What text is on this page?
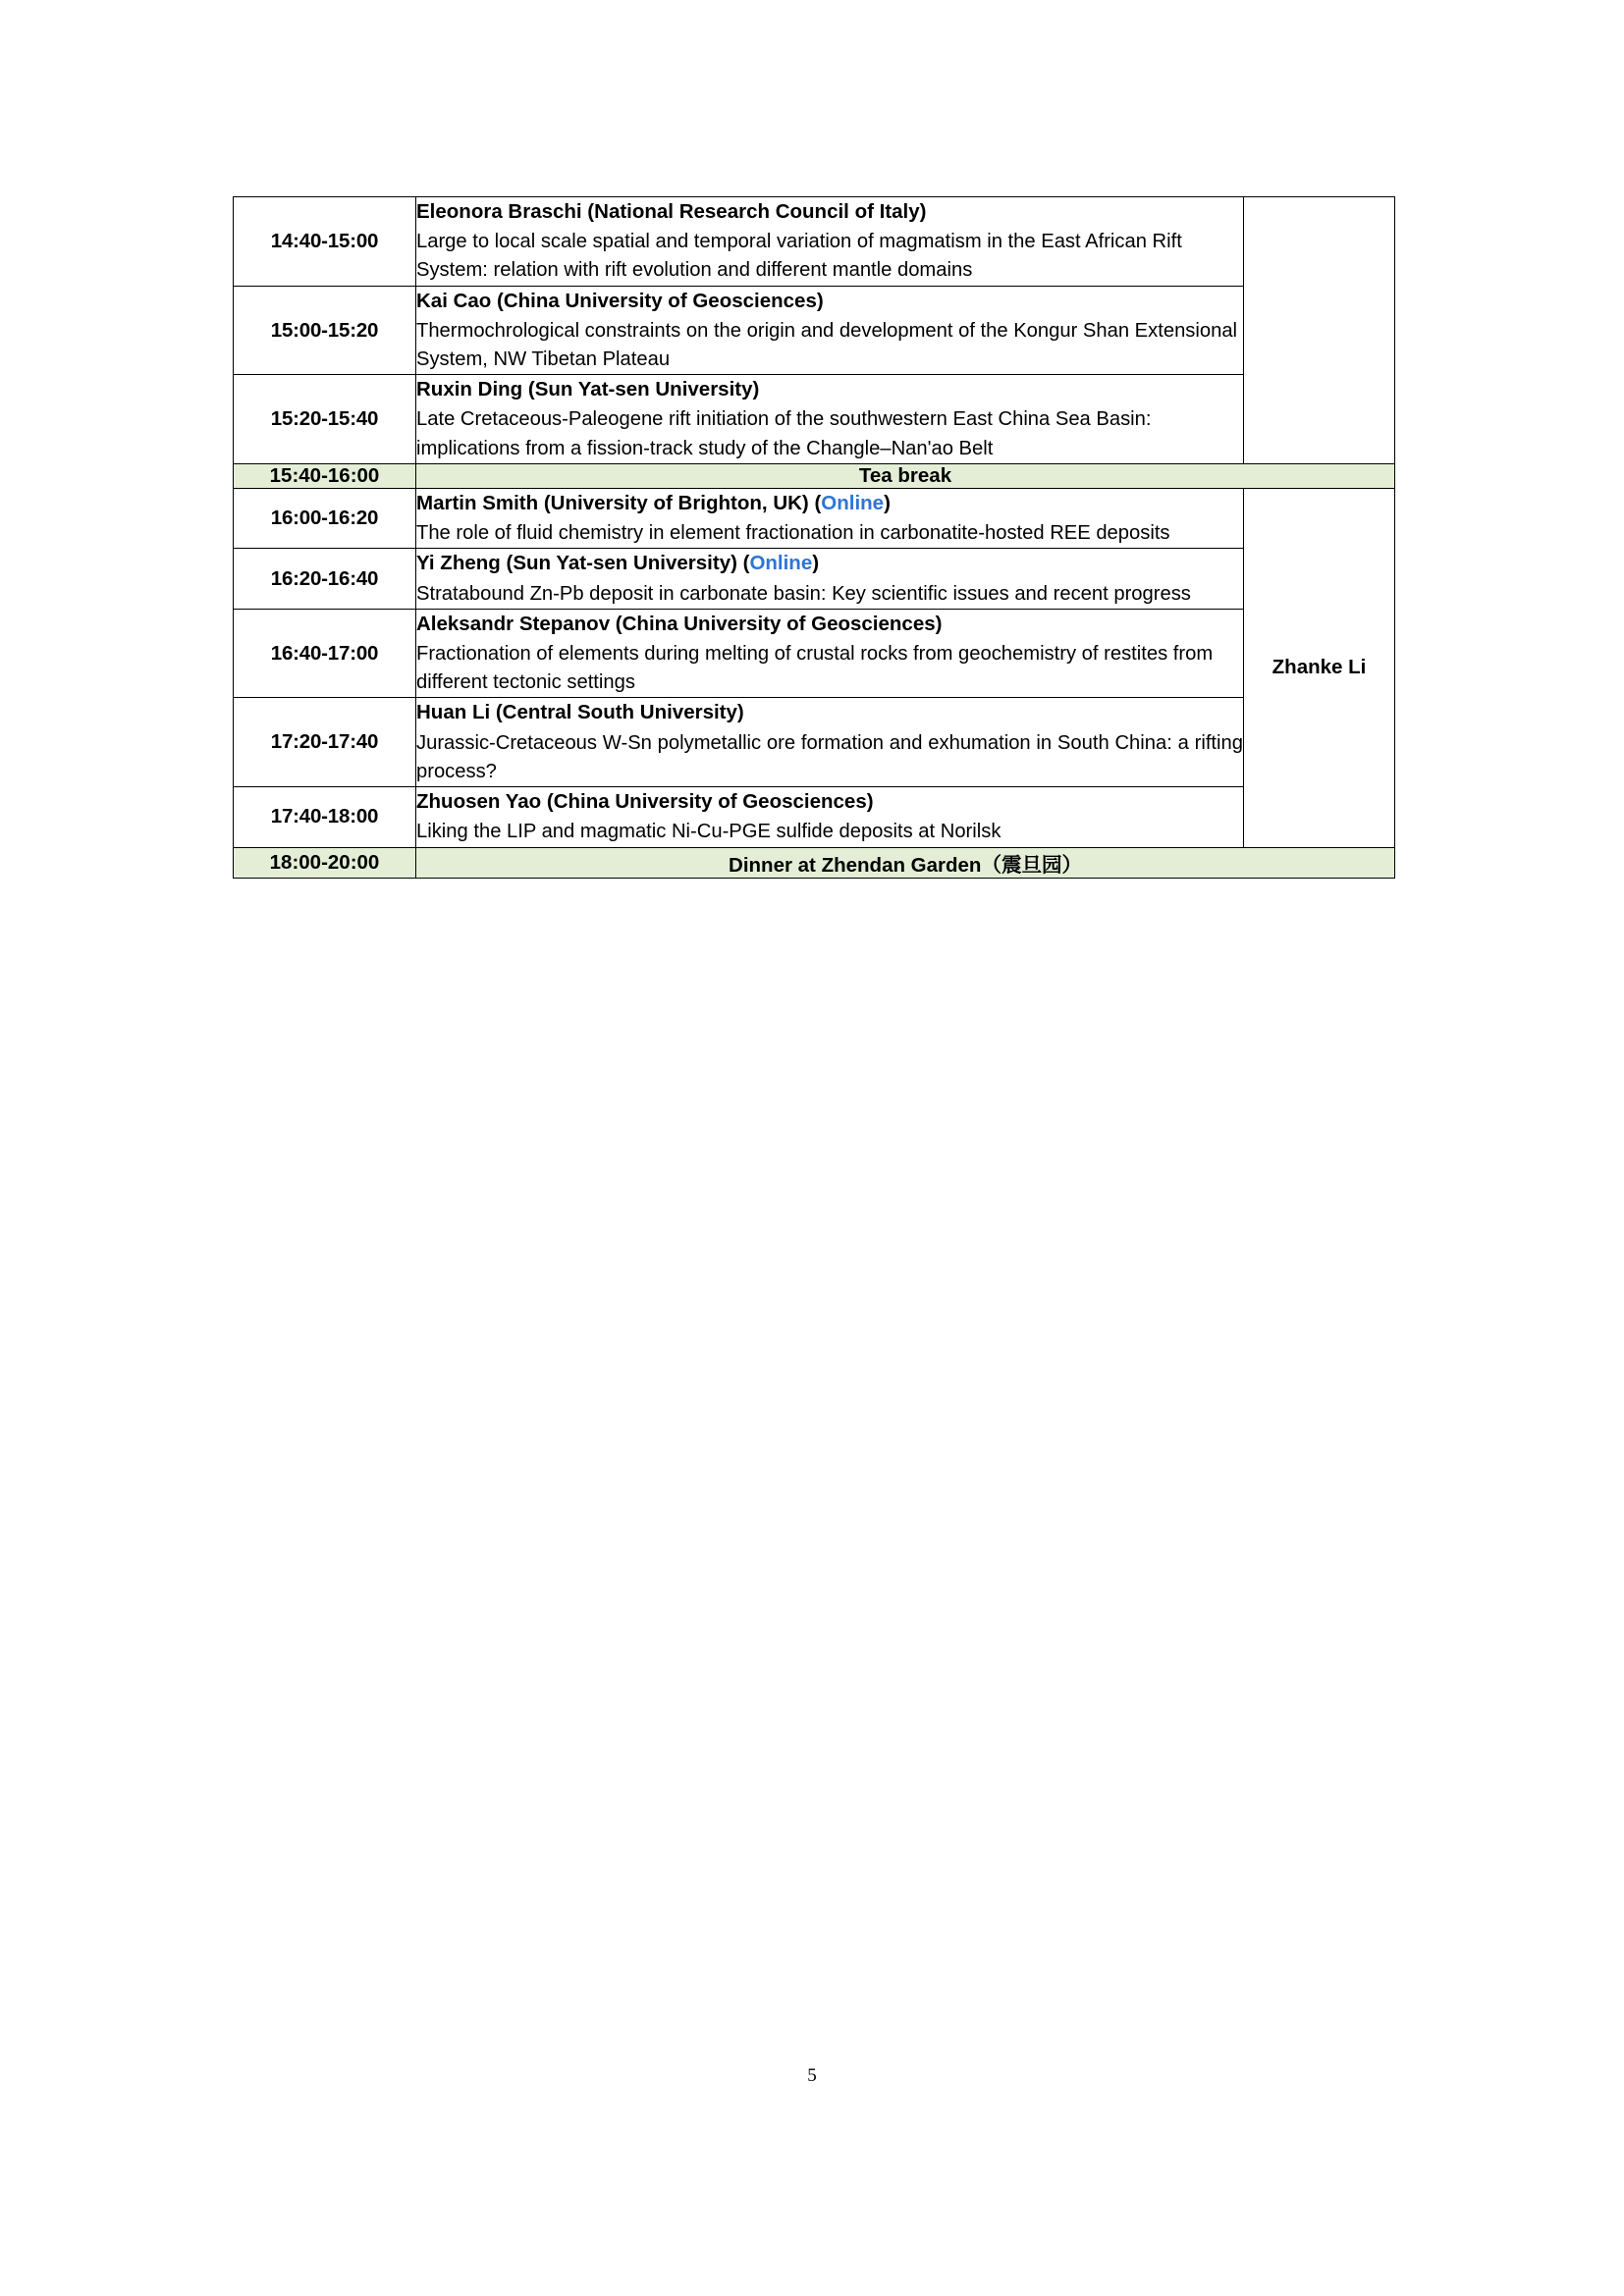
14:40-15:00	Eleonora Braschi (National Research Council of Italy)
Large to local scale spatial and temporal variation of magmatism in the East African Rift System: relation with rift evolution and different mantle domains	

15:00-15:20	Kai Cao (China University of Geosciences)
Thermochrological constraints on the origin and development of the Kongur Shan Extensional System, NW Tibetan Plateau	

15:20-15:40	Ruxin Ding (Sun Yat-sen University)
Late Cretaceous-Paleogene rift initiation of the southwestern East China Sea Basin: implications from a fission-track study of the Changle–Nan'ao Belt	

15:40-16:00	Tea break	

16:00-16:20	Martin Smith (University of Brighton, UK) (Online)
The role of fluid chemistry in element fractionation in carbonatite-hosted REE deposits	Zhanke Li

16:20-16:40	Yi Zheng (Sun Yat-sen University) (Online)
Stratabound Zn-Pb deposit in carbonate basin: Key scientific issues and recent progress	

16:40-17:00	Aleksandr Stepanov (China University of Geosciences)
Fractionation of elements during melting of crustal rocks from geochemistry of restites from different tectonic settings	

17:20-17:40	Huan Li (Central South University)
Jurassic-Cretaceous W-Sn polymetallic ore formation and exhumation in South China: a rifting process?	

17:40-18:00	Zhuosen Yao (China University of Geosciences)
Liking the LIP and magmatic Ni-Cu-PGE sulfide deposits at Norilsk	

18:00-20:00	Dinner at Zhendan Garden（震旦园）	
5
